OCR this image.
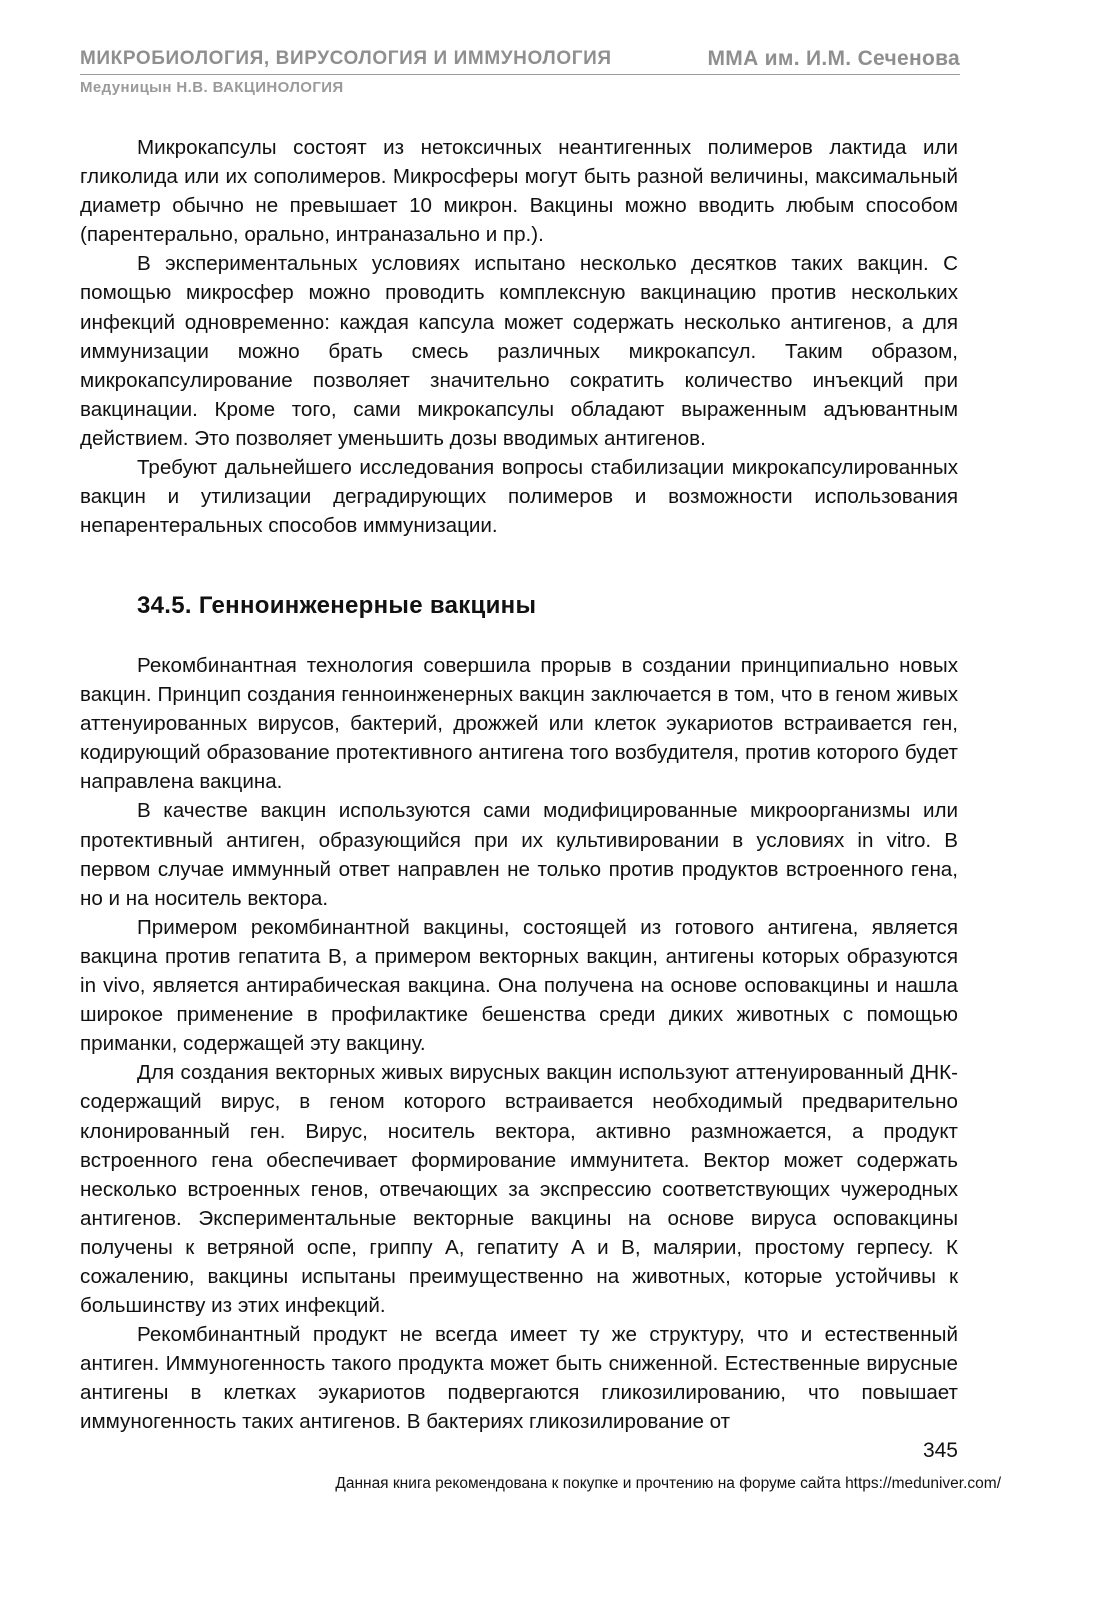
МИКРОБИОЛОГИЯ, ВИРУСОЛОГИЯ И ИММУНОЛОГИЯ	ММА им. И.М. Сеченова
Медуницын Н.В. ВАКЦИНОЛОГИЯ

Микрокапсулы состоят из нетоксичных неантигенных полимеров лактида или гликолида или их сополимеров. Микросферы могут быть разной величины, максимальный диаметр обычно не превышает 10 микрон. Вакцины можно вводить любым способом (парентерально, орально, интраназально и пр.).

В экспериментальных условиях испытано несколько десятков таких вакцин. С помощью микросфер можно проводить комплексную вакцинацию против нескольких инфекций одновременно: каждая капсула может содержать несколько антигенов, а для иммунизации можно брать смесь различных микрокапсул. Таким образом, микрокапсулирование позволяет значительно сократить количество инъекций при вакцинации. Кроме того, сами микрокапсулы обладают выраженным адъювантным действием. Это позволяет уменьшить дозы вводимых антигенов.

Требуют дальнейшего исследования вопросы стабилизации микрокапсулированных вакцин и утилизации деградирующих полимеров и возможности использования непарентеральных способов иммунизации.

34.5. Генноинженерные вакцины

Рекомбинантная технология совершила прорыв в создании принципиально новых вакцин. Принцип создания генноинженерных вакцин заключается в том, что в геном живых аттенуированных вирусов, бактерий, дрожжей или клеток эукариотов встраивается ген, кодирующий образование протективного антигена того возбудителя, против которого будет направлена вакцина.

В качестве вакцин используются сами модифицированные микроорганизмы или протективный антиген, образующийся при их культивировании в условиях in vitro. В первом случае иммунный ответ направлен не только против продуктов встроенного гена, но и на носитель вектора.

Примером рекомбинантной вакцины, состоящей из готового антигена, является вакцина против гепатита В, а примером векторных вакцин, антигены которых образуются in vivo, является антирабическая вакцина. Она получена на основе осповакцины и нашла широкое применение в профилактике бешенства среди диких животных с помощью приманки, содержащей эту вакцину.

Для создания векторных живых вирусных вакцин используют аттенуированный ДНК-содержащий вирус, в геном которого встраивается необходимый предварительно клонированный ген. Вирус, носитель вектора, активно размножается, а продукт встроенного гена обеспечивает формирование иммунитета. Вектор может содержать несколько встроенных генов, отвечающих за экспрессию соответствующих чужеродных антигенов. Экспериментальные векторные вакцины на основе вируса осповакцины получены к ветряной оспе, гриппу А, гепатиту А и В, малярии, простому герпесу. К сожалению, вакцины испытаны преимущественно на животных, которые устойчивы к большинству из этих инфекций.

Рекомбинантный продукт не всегда имеет ту же структуру, что и естественный антиген. Иммуногенность такого продукта может быть сниженной. Естественные вирусные антигены в клетках эукариотов подвергаются гликозилированию, что повышает иммуногенность таких антигенов. В бактериях гликозилирование от

345
Данная книга рекомендована к покупке и прочтению на форуме сайта https://meduniver.com/
